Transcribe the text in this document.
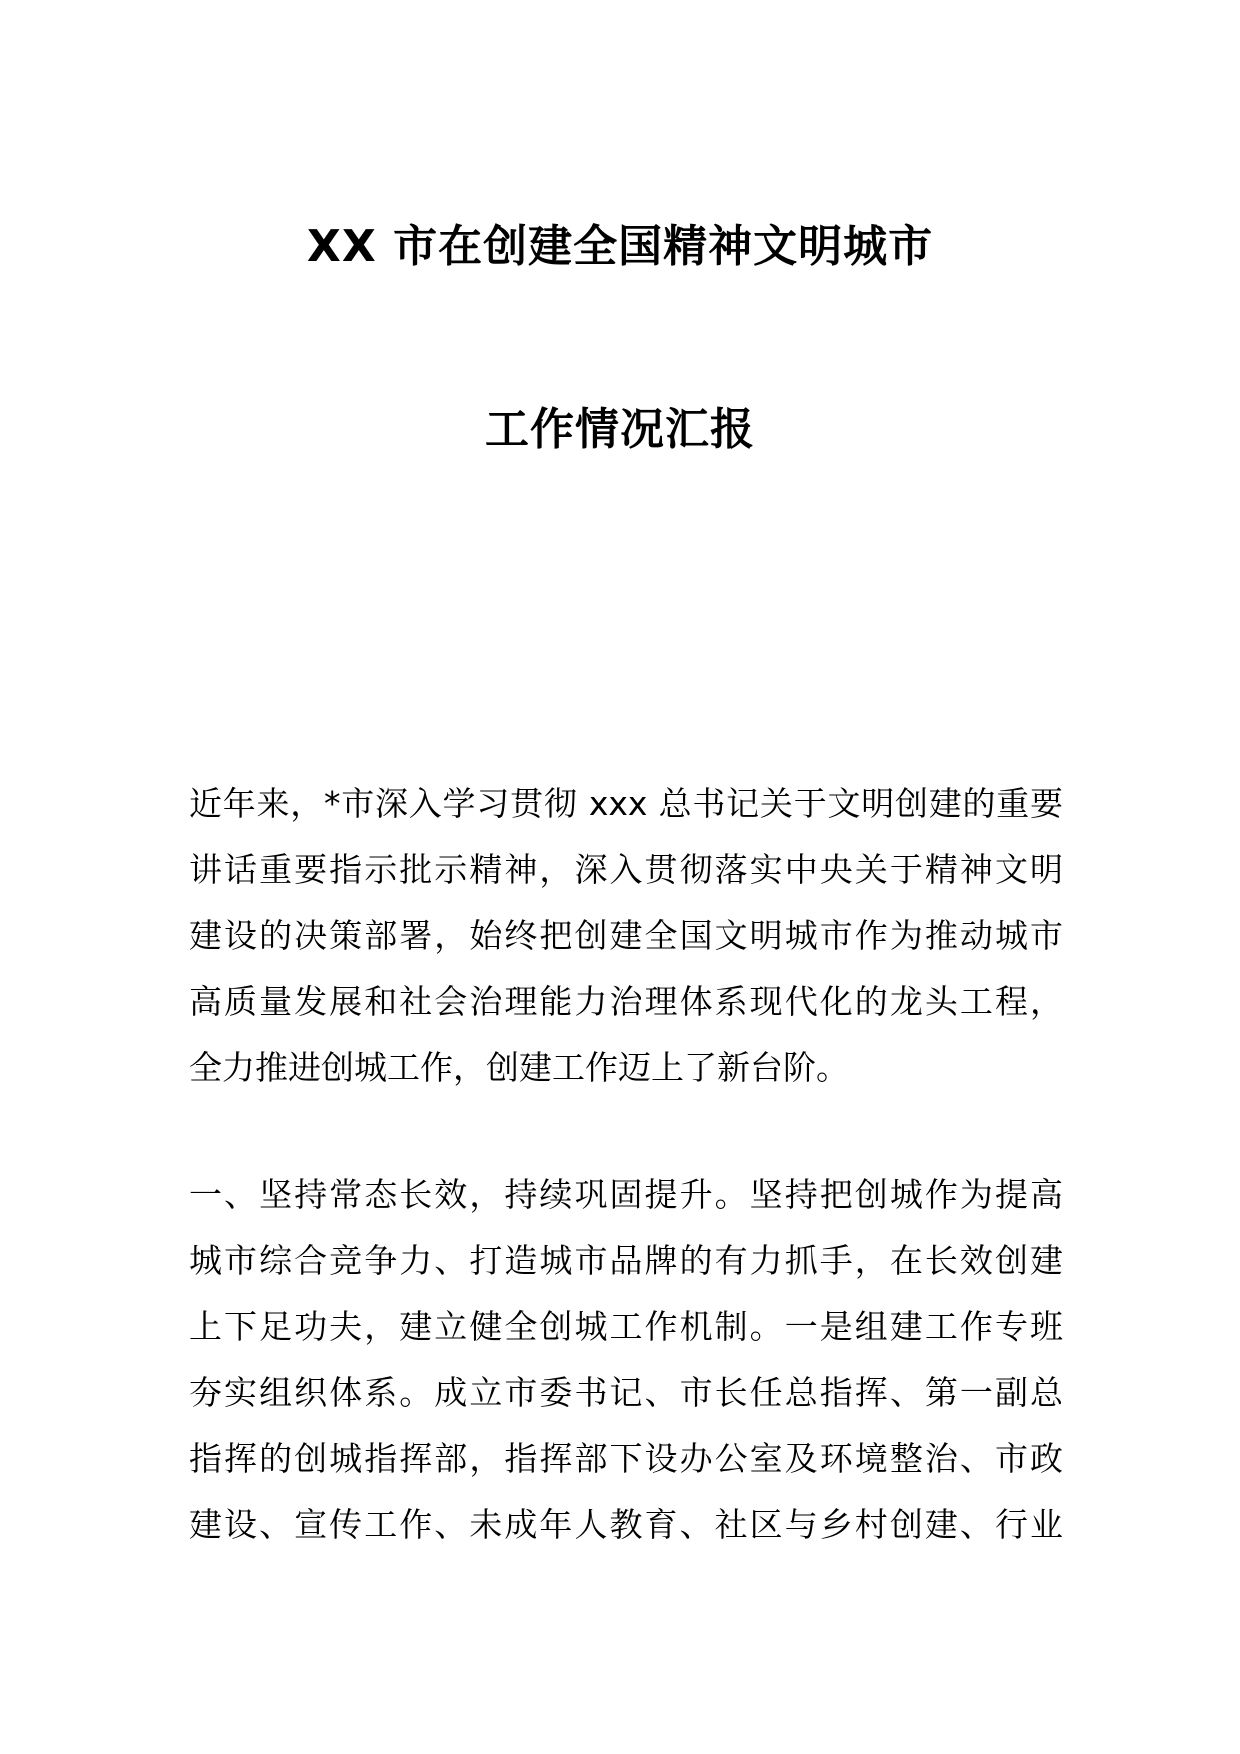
XX 市在创建全国精神文明城市
工作情况汇报
近年来，*市深入学习贯彻 xxx 总书记关于文明创建的重要
讲话重要指示批示精神，深入贯彻落实中央关于精神文明
建设的决策部署，始终把创建全国文明城市作为推动城市
高质量发展和社会治理能力治理体系现代化的龙头工程，
全力推进创城工作，创建工作迈上了新台阶。
一、坚持常态长效，持续巩固提升。坚持把创城作为提高
城市综合竞争力、打造城市品牌的有力抓手，在长效创建
上下足功夫，建立健全创城工作机制。一是组建工作专班
夯实组织体系。成立市委书记、市长任总指挥、第一副总
指挥的创城指挥部，指挥部下设办公室及环境整治、市政
建设、宣传工作、未成年人教育、社区与乡村创建、行业
